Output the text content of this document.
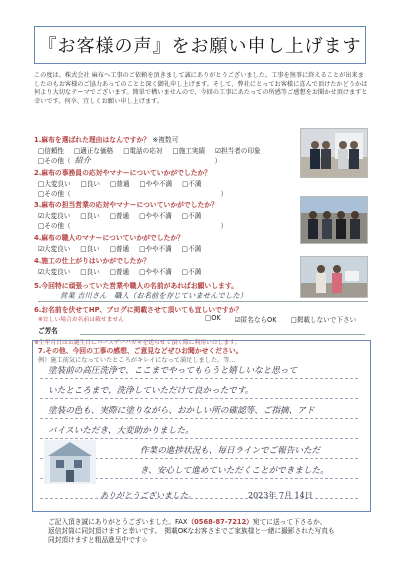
『お客様の声』をお願い申し上げます
この度は、株式会社 麻布へ工事のご依頼を頂きまして誠にありがとうございました。工事を無事に終えることが出来ましたのもお客様のご協力あってのことと深く御礼申し上げます。そして、弊社にとってお客様に喜んで頂けたかどうかは何より大切なテーマでございます。簡単で構いませんので、今回の工事にあたっての所感等ご感想をお聞かせ頂けますと幸いです。何卒、宜しくお願い申し上げます。
1.麻布を選ばれた理由はなんですか？ ※複数可
□信頼性 □適正な価格 □電話の応対 □施工実績 ☑担当者の印象
□その他（ 紹介	）
2.麻布の事務員の応対やマナーについていかがでしたか？
□大変良い □良い □普通 □やや不満 □不満
□その他（	）
3.麻布の担当営業の応対やマナーについていかがでしたか？
☑大変良い □良い □普通 □やや不満 □不満
□その他（	）
4.麻布の職人のマナーについていかがでしたか？
☑大変良い □良い □普通 □やや不満 □不満
4.施工の仕上がりはいかがでしたか？
☑大変良い □良い □普通 □やや不満 □不満
5.今回特に頑張っていた営業や職人の名前があればお願いします。
営業 吉川さん　職人（お名前を存じていませんでした）
6.お名前を伏せてHP、ブログに掲載させて頂いても宜しいですか？
※宜しい場合お名前は載せません	□OK ☑匿名ならOK □掲載しないで下さい
ご芳名
※生年月日はお誕生日にバースデーハガキを送らせて頂く際に利用いたします。
7.その他、今回の工事の感想、ご意見などぜひお聞かせください。
例）施工前気になっていたところがキレイになって満足しました。等…
塗装前の高圧洗浄で、ここまでやってもらうと嬉しいなと思って
いたところまで、洗浄していただけて良かったです。
塗装の色も、実際に塗りながら、おかしい所の確認等、ご指摘、アド
バイスいただき、大変助かりました。
作業の進捗状況も、毎日ラインでご報告いただ
き、安心して進めていただくことができました。
ありがとうございました。	2023年 7月 14日
ご記入頂き誠にありがとうございました。FAX（0568-87-7212）宛てに送って下さるか、
返信封筒に同封頂けますと幸いです。　掲載OKなお客さまでご家族様と一緒に撮影された写真も
同封頂けますと粗品進呈中です☆
